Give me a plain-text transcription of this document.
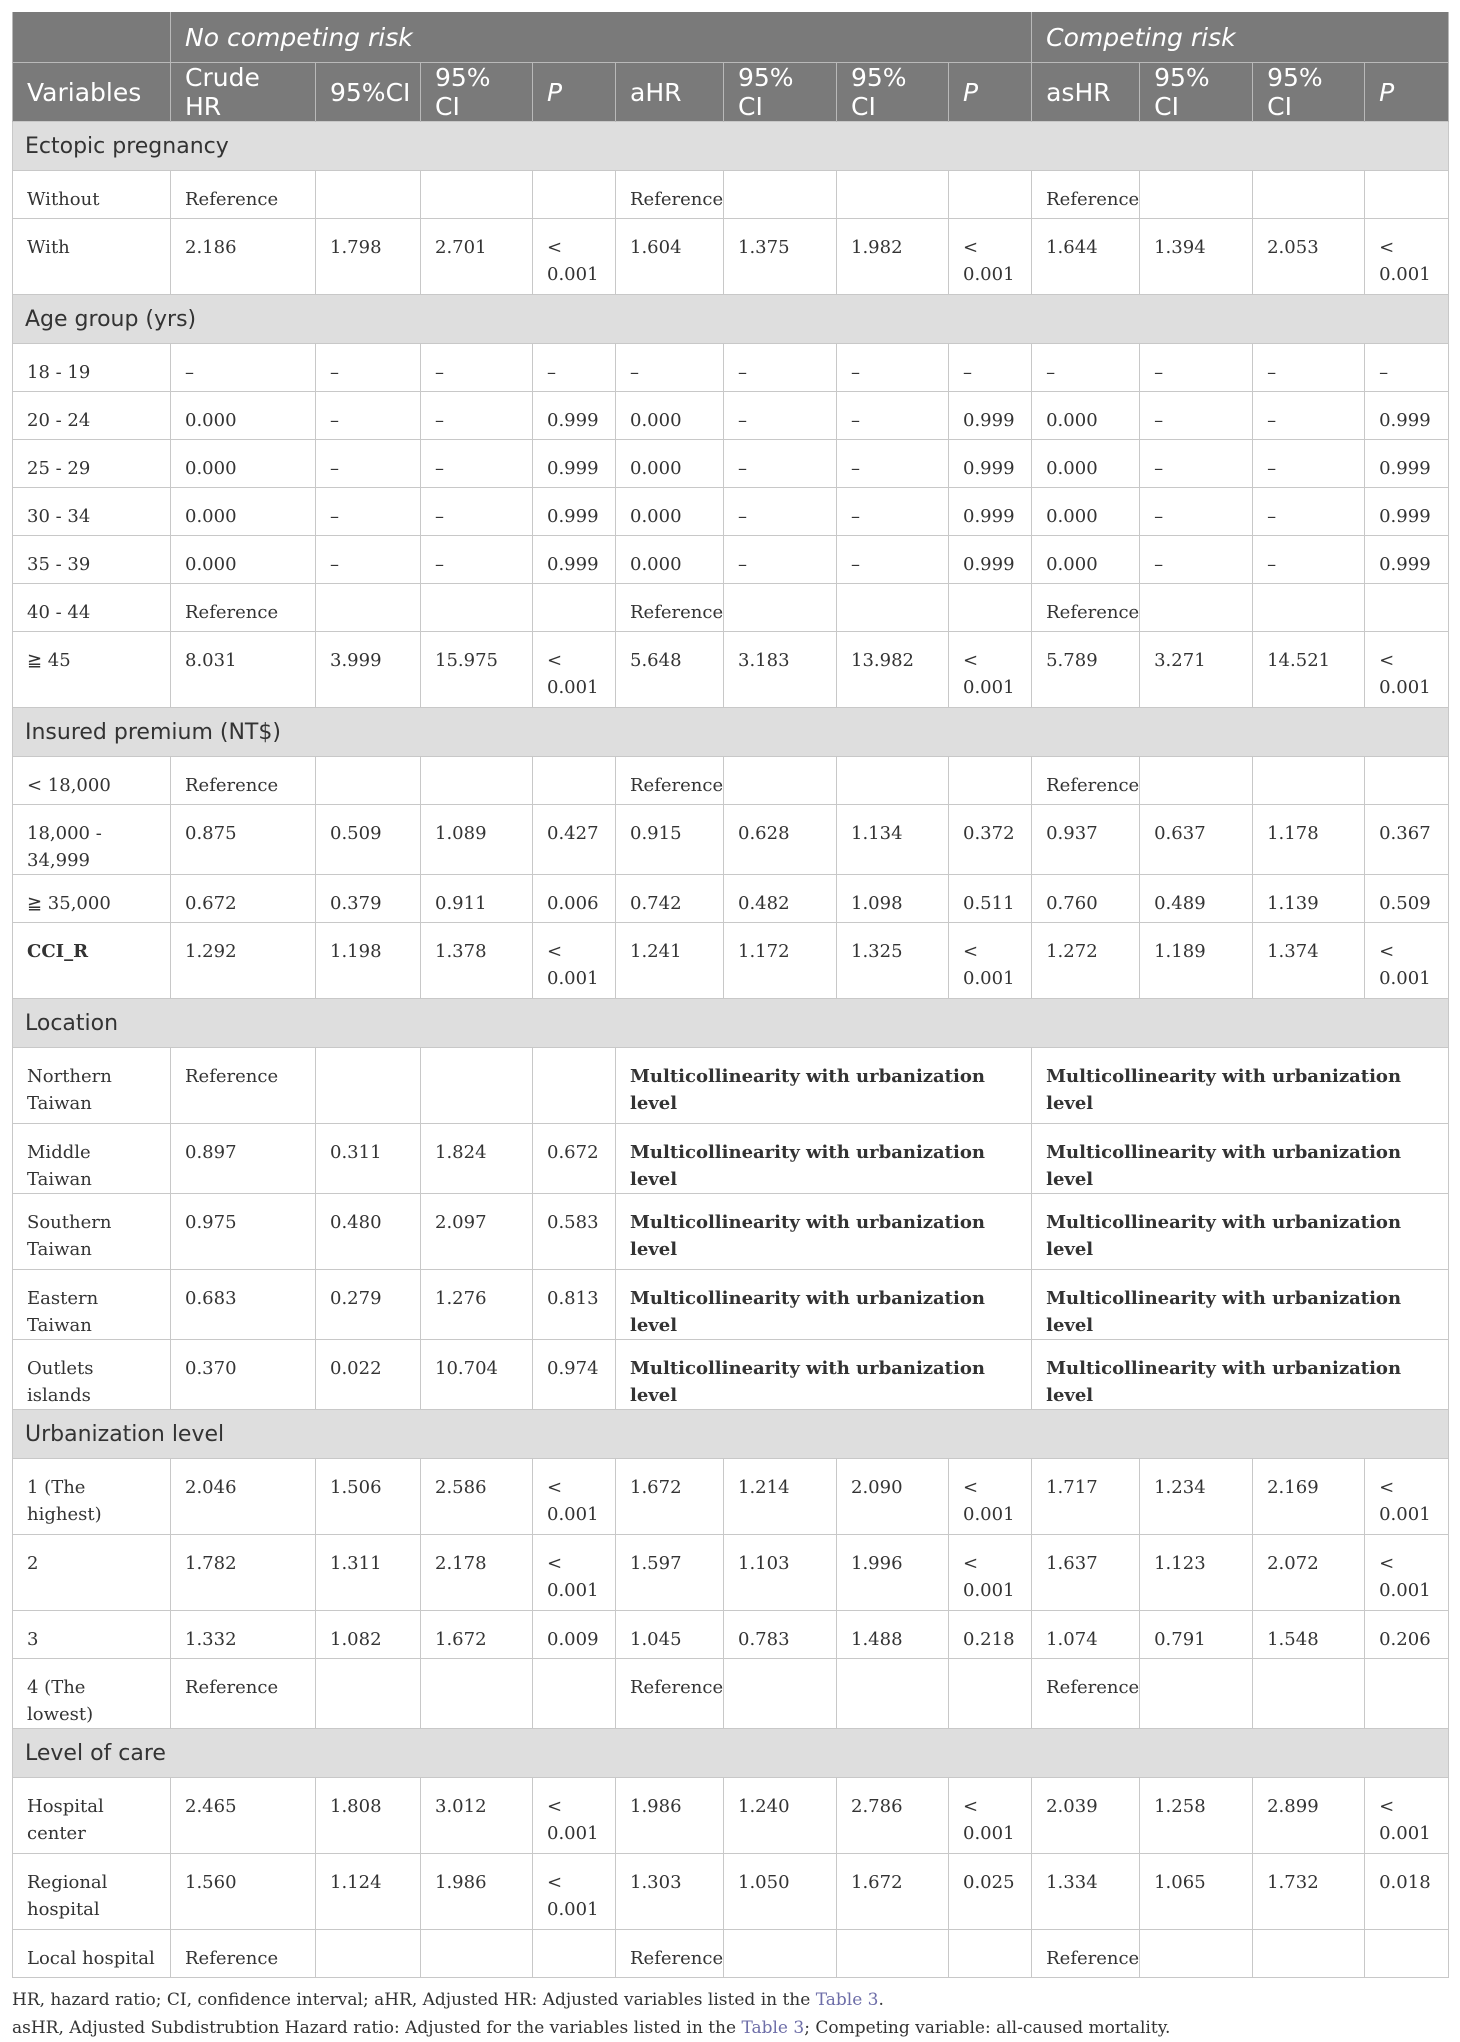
	No competing risk								Competing risk			
Variables	Crude HR	95%CI	95% CI	P	aHR	95% CI	95% CI	P	asHR	95% CI	95% CI	P
Ectopic pregnancy												
Without	Reference				Reference				Reference			
With	2.186	1.798	2.701	< 0.001	1.604	1.375	1.982	< 0.001	1.644	1.394	2.053	< 0.001
Age group (yrs)												
18 - 19	–	–	–	–	–	–	–	–	–	–	–	–
20 - 24	0.000	–	–	0.999	0.000	–	–	0.999	0.000	–	–	0.999
25 - 29	0.000	–	–	0.999	0.000	–	–	0.999	0.000	–	–	0.999
30 - 34	0.000	–	–	0.999	0.000	–	–	0.999	0.000	–	–	0.999
35 - 39	0.000	–	–	0.999	0.000	–	–	0.999	0.000	–	–	0.999
40 - 44	Reference				Reference				Reference			
≧ 45	8.031	3.999	15.975	< 0.001	5.648	3.183	13.982	< 0.001	5.789	3.271	14.521	< 0.001
Insured premium (NT$)												
< 18,000	Reference				Reference				Reference			
18,000 - 34,999	0.875	0.509	1.089	0.427	0.915	0.628	1.134	0.372	0.937	0.637	1.178	0.367
≧ 35,000	0.672	0.379	0.911	0.006	0.742	0.482	1.098	0.511	0.760	0.489	1.139	0.509
CCI_R	1.292	1.198	1.378	< 0.001	1.241	1.172	1.325	< 0.001	1.272	1.189	1.374	< 0.001
Location												
Northern Taiwan	Reference				Multicollinearity with urbanization level				Multicollinearity with urbanization level			
Middle Taiwan	0.897	0.311	1.824	0.672	Multicollinearity with urbanization level				Multicollinearity with urbanization level			
Southern Taiwan	0.975	0.480	2.097	0.583	Multicollinearity with urbanization level				Multicollinearity with urbanization level			
Eastern Taiwan	0.683	0.279	1.276	0.813	Multicollinearity with urbanization level				Multicollinearity with urbanization level			
Outlets islands	0.370	0.022	10.704	0.974	Multicollinearity with urbanization level				Multicollinearity with urbanization level			
Urbanization level												
1 (The highest)	2.046	1.506	2.586	< 0.001	1.672	1.214	2.090	< 0.001	1.717	1.234	2.169	< 0.001
2	1.782	1.311	2.178	< 0.001	1.597	1.103	1.996	< 0.001	1.637	1.123	2.072	< 0.001
3	1.332	1.082	1.672	0.009	1.045	0.783	1.488	0.218	1.074	0.791	1.548	0.206
4 (The lowest)	Reference				Reference				Reference			
Level of care												
Hospital center	2.465	1.808	3.012	< 0.001	1.986	1.240	2.786	< 0.001	2.039	1.258	2.899	< 0.001
Regional hospital	1.560	1.124	1.986	< 0.001	1.303	1.050	1.672	0.025	1.334	1.065	1.732	0.018
Local hospital	Reference				Reference				Reference			
HR, hazard ratio; CI, confidence interval; aHR, Adjusted HR: Adjusted variables listed in the Table 3.
asHR, Adjusted Subdistrubtion Hazard ratio: Adjusted for the variables listed in the Table 3; Competing variable: all-caused mortality.
